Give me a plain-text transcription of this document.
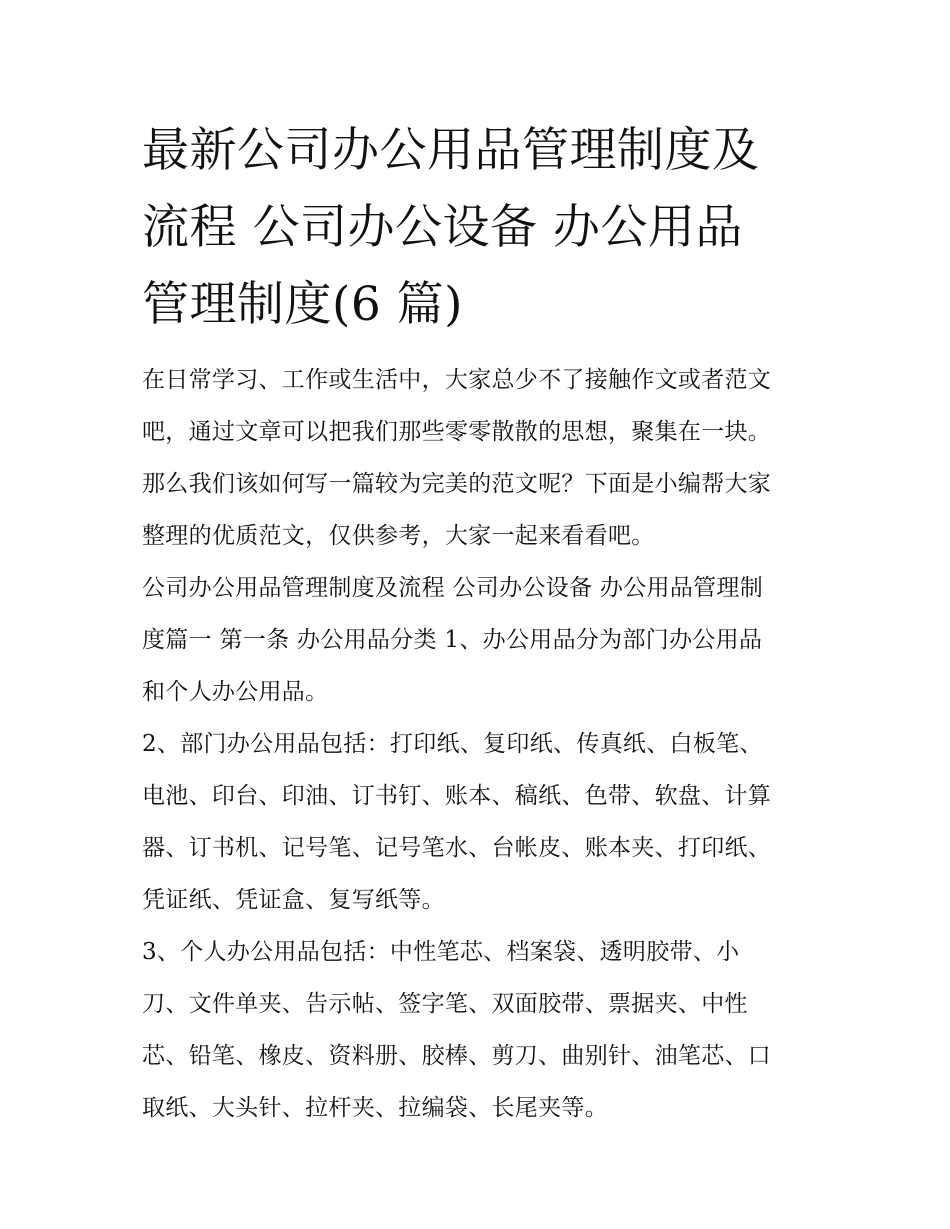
最新公司办公用品管理制度及
流程 公司办公设备 办公用品
管理制度(6 篇)

在日常学习、工作或生活中，大家总少不了接触作文或者范文
吧，通过文章可以把我们那些零零散散的思想，聚集在一块。
那么我们该如何写一篇较为完美的范文呢？下面是小编帮大家
整理的优质范文，仅供参考，大家一起来看看吧。

公司办公用品管理制度及流程 公司办公设备 办公用品管理制
度篇一 第一条 办公用品分类 1、办公用品分为部门办公用品
和个人办公用品。

2、部门办公用品包括：打印纸、复印纸、传真纸、白板笔、
电池、印台、印油、订书钉、账本、稿纸、色带、软盘、计算
器、订书机、记号笔、记号笔水、台帐皮、账本夹、打印纸、
凭证纸、凭证盒、复写纸等。

3、个人办公用品包括：中性笔芯、档案袋、透明胶带、小
刀、文件单夹、告示帖、签字笔、双面胶带、票据夹、中性
芯、铅笔、橡皮、资料册、胶棒、剪刀、曲别针、油笔芯、口
取纸、大头针、拉杆夹、拉编袋、长尾夹等。
